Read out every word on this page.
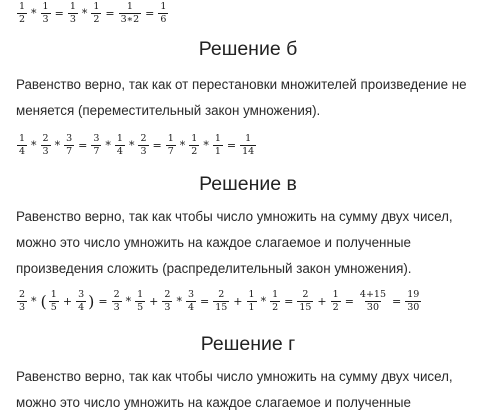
$\frac{1}{2} * \frac{1}{3} = \frac{1}{3} * \frac{1}{2} = \frac{1}{3∗2} = \frac{1}{6}$
Решение б
Равенство верно, так как от перестановки множителей произведение не
меняется (переместительный закон умножения).
$\frac{1}{4} * \frac{2}{3} * \frac{3}{7} = \frac{3}{7} * \frac{1}{4} * \frac{2}{3} = \frac{1}{7} * \frac{1}{2} * \frac{1}{1} = \frac{1}{14}$
Решение в
Равенство верно, так как чтобы число умножить на сумму двух чисел,
можно это число умножить на каждое слагаемое и полученные
произведения сложить (распределительный закон умножения).
$\frac{2}{3}$ * ( $\frac{1}{5} + \frac{3}{4}$ ) = $\frac{2}{3} * \frac{1}{5} + \frac{2}{3} * \frac{3}{4} = \frac{2}{15} + \frac{1}{1} * \frac{1}{2} = \frac{2}{15} + \frac{1}{2} = \frac{4+15}{30} = \frac{19}{30}$
Решение г
Равенство верно, так как чтобы число умножить на сумму двух чисел,
можно это число умножить на каждое слагаемое и полученные
